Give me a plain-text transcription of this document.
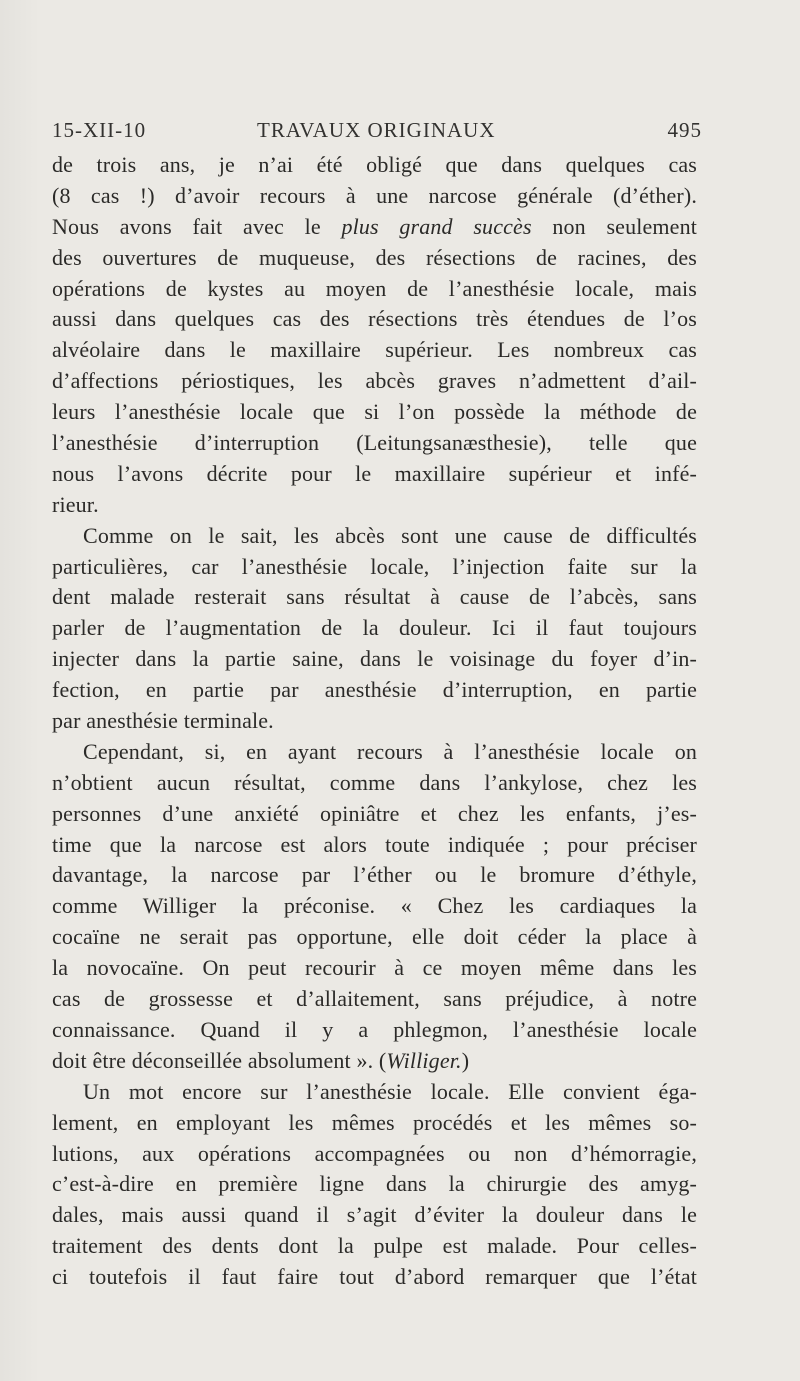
15-XII-10	TRAVAUX ORIGINAUX	495
de trois ans, je n’ai été obligé que dans quelques cas
(8 cas !) d’avoir recours à une narcose générale (d’éther).
Nous avons fait avec le plus grand succès non seulement
des ouvertures de muqueuse, des résections de racines, des
opérations de kystes au moyen de l’anesthésie locale, mais
aussi dans quelques cas des résections très étendues de l’os
alvéolaire dans le maxillaire supérieur. Les nombreux cas
d’affections périostiques, les abcès graves n’admettent d’ail-
leurs l’anesthésie locale que si l’on possède la méthode de
l’anesthésie d’interruption (Leitungsanæsthesie), telle que
nous l’avons décrite pour le maxillaire supérieur et infé-
rieur.
Comme on le sait, les abcès sont une cause de difficultés
particulières, car l’anesthésie locale, l’injection faite sur la
dent malade resterait sans résultat à cause de l’abcès, sans
parler de l’augmentation de la douleur. Ici il faut toujours
injecter dans la partie saine, dans le voisinage du foyer d’in-
fection, en partie par anesthésie d’interruption, en partie
par anesthésie terminale.
Cependant, si, en ayant recours à l’anesthésie locale on
n’obtient aucun résultat, comme dans l’ankylose, chez les
personnes d’une anxiété opiniâtre et chez les enfants, j’es-
time que la narcose est alors toute indiquée ; pour préciser
davantage, la narcose par l’éther ou le bromure d’éthyle,
comme Williger la préconise. « Chez les cardiaques la
cocaïne ne serait pas opportune, elle doit céder la place à
la novocaïne. On peut recourir à ce moyen même dans les
cas de grossesse et d’allaitement, sans préjudice, à notre
connaissance. Quand il y a phlegmon, l’anesthésie locale
doit être déconseillée absolument ». (Williger.)
Un mot encore sur l’anesthésie locale. Elle convient éga-
lement, en employant les mêmes procédés et les mêmes so-
lutions, aux opérations accompagnées ou non d’hémorragie,
c’est-à-dire en première ligne dans la chirurgie des amyg-
dales, mais aussi quand il s’agit d’éviter la douleur dans le
traitement des dents dont la pulpe est malade. Pour celles-
ci toutefois il faut faire tout d’abord remarquer que l’état
